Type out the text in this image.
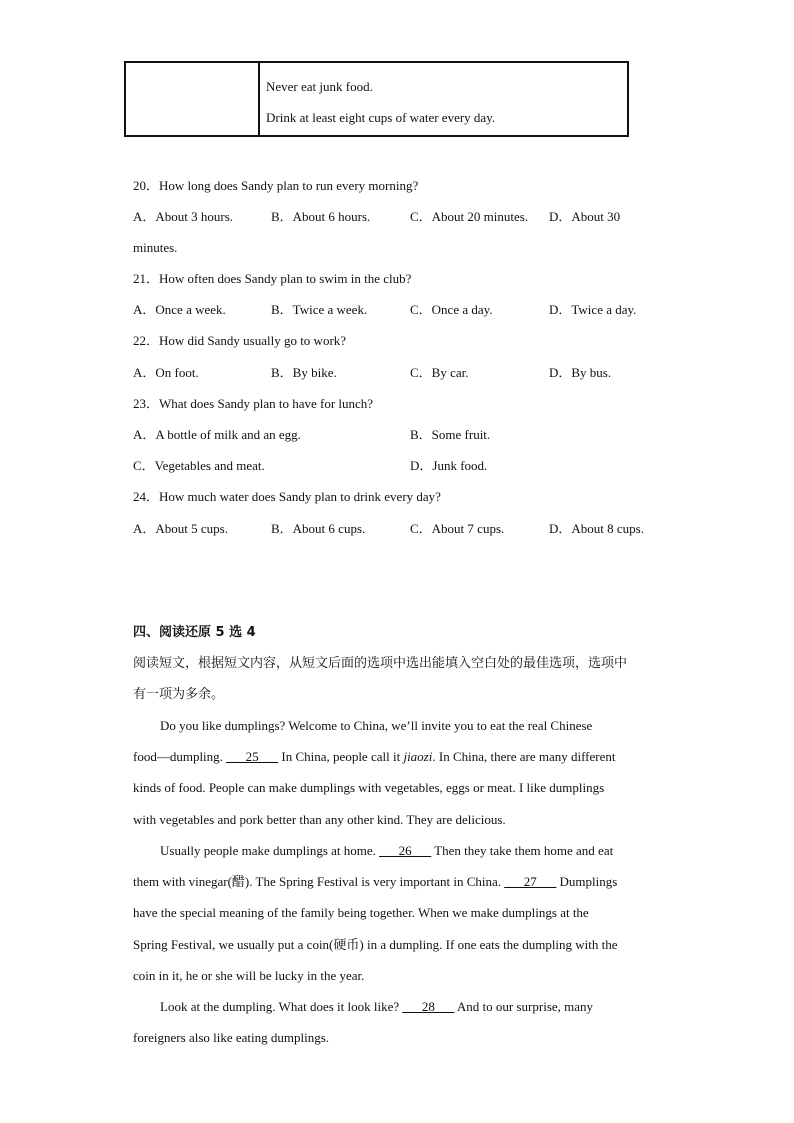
Never eat junk food.
Drink at least eight cups of water every day.
20．How long does Sandy plan to run every morning?
A．About 3 hours.	B．About 6 hours.	C．About 20 minutes. D．About 30
minutes.
21．How often does Sandy plan to swim in the club?
A．Once a week.	B．Twice a week.	C．Once a day.	D．Twice a day.
22．How did Sandy usually go to work?
A．On foot.	B．By bike.	C．By car.	D．By bus.
23．What does Sandy plan to have for lunch?
A．A bottle of milk and an egg.	B．Some fruit.
C．Vegetables and meat.	D．Junk food.
24．How much water does Sandy plan to drink every day?
A．About 5 cups.	B．About 6 cups.	C．About 7 cups.	D．About 8 cups.
四、阅读还原 5 选 4
阅读短文，根据短文内容，从短文后面的选项中选出能填入空白处的最佳选项，选项中
有一项为多余。
Do you like dumplings? Welcome to China, we’ll invite you to eat the real Chinese
food—dumpling. ___25___ In China, people call it jiaozi. In China, there are many different
kinds of food. People can make dumplings with vegetables, eggs or meat. I like dumplings
with vegetables and pork better than any other kind. They are delicious.
Usually people make dumplings at home. ___26___ Then they take them home and eat
them with vinegar(醋). The Spring Festival is very important in China. ___27___ Dumplings
have the special meaning of the family being together. When we make dumplings at the
Spring Festival, we usually put a coin(硬币) in a dumpling. If one eats the dumpling with the
coin in it, he or she will be lucky in the year.
Look at the dumpling. What does it look like? ___28___ And to our surprise, many
foreigners also like eating dumplings.
